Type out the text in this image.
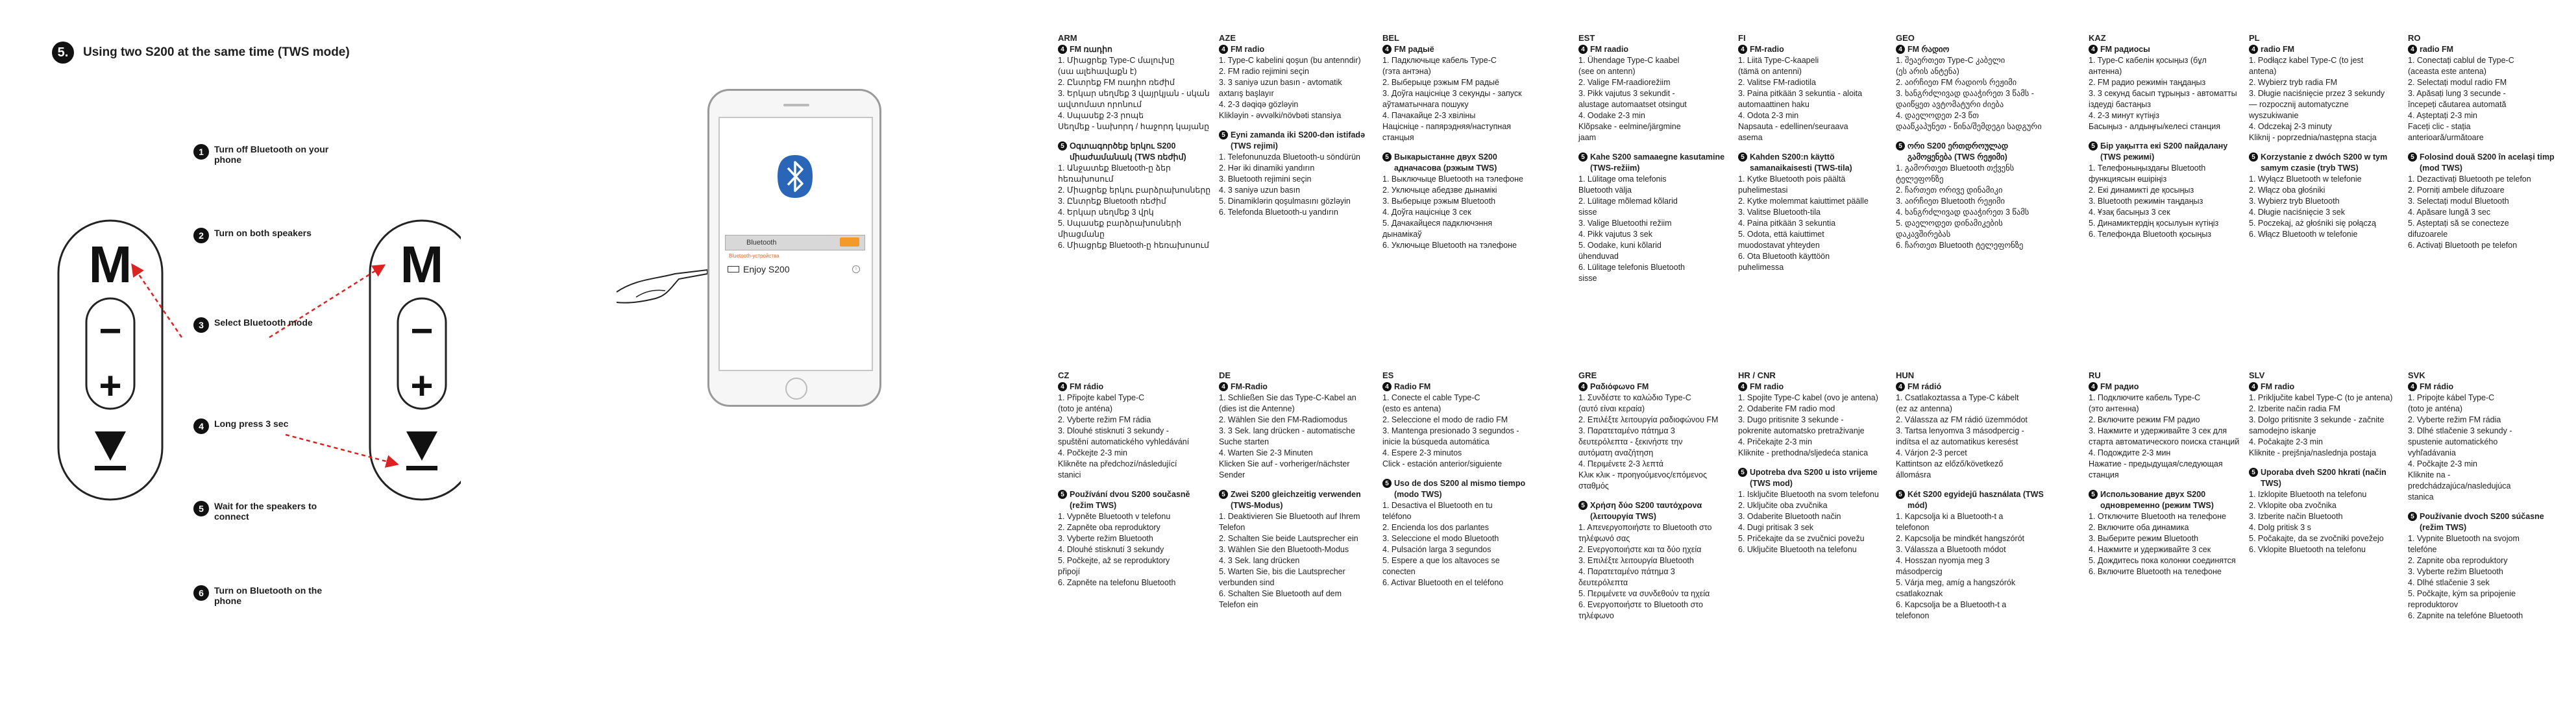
5.	Using two S200 at the same time (TWS mode)
M
−
+
M
−
+
1	Turn off Bluetooth on your phone
2	Turn on both speakers
3	Select Bluetooth mode
4	Long press 3 sec
5	Wait for the speakers to connect
6	Turn on Bluetooth on the phone
Bluetooth
Bluetooth-устройства
Enjoy S200	i
ARM
4 FM ռադիո
1. Միացրեք Type-C մալուխը
(սա ալեհավաքն է)
2. Ընտրեք FM ռադիո ռեժիմ
3. Երկար սեղմեք 3 վայրկյան - սկան
ավտոմատ որոնում
4. Սպասեք 2-3 րոպե
Սեղմեք - նախորդ / հաջորդ կայանը
5 Օգտագործեք երկու S200 միաժամանակ (TWS ռեժիմ)
1. Անջատեք Bluetooth-ը ձեր
հեռախոսում
2. Միացրեք երկու բարձրախոսները
3. Ընտրեք Bluetooth ռեժիմ
4. Երկար սեղմեք 3 վրկ
5. Սպասեք բարձրախոսների միացմանը
6. Միացրեք Bluetooth-ը հեռախոսում
AZE
4 FM radio
1. Type-C kabelini qoşun (bu antenndir)
2. FM radio rejimini seçin
3. 3 saniyə uzun basın - avtomatik
axtarış başlayır
4. 2-3 dəqiqə gözləyin
Klikləyin - əvvəlki/növbəti stansiya
5 Eyni zamanda iki S200-dən istifadə (TWS rejimi)
1. Telefonunuzda Bluetooth-u söndürün
2. Hər iki dinamiki yandırın
3. Bluetooth rejimini seçin
4. 3 saniyə uzun basın
5. Dinamiklərin qoşulmasını gözləyin
6. Telefonda Bluetooth-u yandırın
BEL
4 FM радыё
1. Падключыце кабель Type-C
(гэта антэна)
2. Выберыце рэжым FM радыё
3. Доўга націсніце 3 секунды - запуск
аўтаматычнага пошуку
4. Пачакайце 2-3 хвіліны
Націсніце - папярэдняя/наступная
станцыя
5 Выкарыстанне двух S200 адначасова (рэжым TWS)
1. Выключыце Bluetooth на тэлефоне
2. Уключыце абедзве дынамікі
3. Выберыце рэжым Bluetooth
4. Доўга націсніце 3 сек
5. Дачакайцеся падключэння
дынамікаў
6. Уключыце Bluetooth на тэлефоне
EST
4 FM raadio
1. Ühendage Type-C kaabel
(see on antenn)
2. Valige FM-raadiorežiim
3. Pikk vajutus 3 sekundit -
alustage automaatset otsingut
4. Oodake 2-3 min
Klõpsake - eelmine/järgmine
jaam
5 Kahe S200 samaaegne kasutamine (TWS-režiim)
1. Lülitage oma telefonis
Bluetooth välja
2. Lülitage mõlemad kõlarid
sisse
3. Valige Bluetoothi režiim
4. Pikk vajutus 3 sek
5. Oodake, kuni kõlarid
ühenduvad
6. Lülitage telefonis Bluetooth
sisse
FI
4 FM-radio
1. Liitä Type-C-kaapeli
(tämä on antenni)
2. Valitse FM-radiotila
3. Paina pitkään 3 sekuntia - aloita
automaattinen haku
4. Odota 2-3 min
Napsauta - edellinen/seuraava
asema
5 Kahden S200:n käyttö samanaikaisesti (TWS-tila)
1. Kytke Bluetooth pois päältä
puhelimestasi
2. Kytke molemmat kaiuttimet päälle
3. Valitse Bluetooth-tila
4. Paina pitkään 3 sekuntia
5. Odota, että kaiuttimet
muodostavat yhteyden
6. Ota Bluetooth käyttöön
puhelimessa
GEO
4 FM რადიო
1. შეაერთეთ Type-C კაბელი
(ეს არის ანტენა)
2. აირჩიეთ FM რადიოს რეჟიმი
3. ხანგრძლივად დააჭირეთ 3 წამს -
დაიწყეთ ავტომატური ძიება
4. დაელოდეთ 2-3 წთ
დააწკაპუნეთ - წინა/შემდეგი სადგური
5 ორი S200 ერთდროულად გამოყენება (TWS რეჟიმი)
1. გამორთეთ Bluetooth თქვენს
ტელეფონზე
2. ჩართეთ ორივე დინამიკი
3. აირჩიეთ Bluetooth რეჟიმი
4. ხანგრძლივად დააჭირეთ 3 წამს
5. დაელოდეთ დინამიკების
დაკავშირებას
6. ჩართეთ Bluetooth ტელეფონზე
KAZ
4 FM радиосы
1. Type-C кабелін қосыңыз (бұл
антенна)
2. FM радио режимін таңдаңыз
3. 3 секунд басып тұрыңыз - автоматты
іздеуді бастаңыз
4. 2-3 минут күтіңіз
Басыңыз - алдыңғы/келесі станция
5 Бір уақытта екі S200 пайдалану (TWS режимі)
1. Телефоныңыздағы Bluetooth
функциясын өшіріңіз
2. Екі динамикті де қосыңыз
3. Bluetooth режимін таңдаңыз
4. Ұзақ басыңыз 3 сек
5. Динамиктердің қосылуын күтіңіз
6. Телефонда Bluetooth қосыңыз
PL
4 radio FM
1. Podłącz kabel Type-C (to jest
antena)
2. Wybierz tryb radia FM
3. Długie naciśnięcie przez 3 sekundy
— rozpocznij automatyczne
wyszukiwanie
4. Odczekaj 2-3 minuty
Kliknij - poprzednia/następna stacja
5 Korzystanie z dwóch S200 w tym samym czasie (tryb TWS)
1. Wyłącz Bluetooth w telefonie
2. Włącz oba głośniki
3. Wybierz tryb Bluetooth
4. Długie naciśnięcie 3 sek
5. Poczekaj, aż głośniki się połączą
6. Włącz Bluetooth w telefonie
RO
4 radio FM
1. Conectați cablul de Type-C
(aceasta este antena)
2. Selectați modul radio FM
3. Apăsați lung 3 secunde -
începeți căutarea automată
4. Așteptați 2-3 min
Faceți clic - stația
anterioară/următoare
5 Folosind două S200 în același timp (mod TWS)
1. Dezactivați Bluetooth pe telefon
2. Porniți ambele difuzoare
3. Selectați modul Bluetooth
4. Apăsare lungă 3 sec
5. Așteptați să se conecteze
difuzoarele
6. Activați Bluetooth pe telefon
CZ
4 FM rádio
1. Připojte kabel Type-C
(toto je anténa)
2. Vyberte režim FM rádia
3. Dlouhé stisknutí 3 sekundy -
spuštění automatického vyhledávání
4. Počkejte 2-3 min
Klikněte na předchozí/následující
stanici
5 Používání dvou S200 současně (režim TWS)
1. Vypněte Bluetooth v telefonu
2. Zapněte oba reproduktory
3. Vyberte režim Bluetooth
4. Dlouhé stisknutí 3 sekundy
5. Počkejte, až se reproduktory
připojí
6. Zapněte na telefonu Bluetooth
DE
4 FM-Radio
1. Schließen Sie das Type-C-Kabel an
(dies ist die Antenne)
2. Wählen Sie den FM-Radiomodus
3. 3 Sek. lang drücken - automatische
Suche starten
4. Warten Sie 2-3 Minuten
Klicken Sie auf - vorheriger/nächster
Sender
5 Zwei S200 gleichzeitig verwenden (TWS-Modus)
1. Deaktivieren Sie Bluetooth auf Ihrem
Telefon
2. Schalten Sie beide Lautsprecher ein
3. Wählen Sie den Bluetooth-Modus
4. 3 Sek. lang drücken
5. Warten Sie, bis die Lautsprecher
verbunden sind
6. Schalten Sie Bluetooth auf dem
Telefon ein
ES
4 Radio FM
1. Conecte el cable Type-C
(esto es antena)
2. Seleccione el modo de radio FM
3. Mantenga presionado 3 segundos -
inicie la búsqueda automática
4. Espere 2-3 minutos
Click - estación anterior/siguiente
5 Uso de dos S200 al mismo tiempo (modo TWS)
1. Desactiva el Bluetooth en tu
teléfono
2. Encienda los dos parlantes
3. Seleccione el modo Bluetooth
4. Pulsación larga 3 segundos
5. Espere a que los altavoces se
conecten
6. Activar Bluetooth en el teléfono
GRE
4 Ραδιόφωνο FM
1. Συνδέστε το καλώδιο Type-C
(αυτό είναι κεραία)
2. Επιλέξτε λειτουργία ραδιοφώνου FM
3. Παρατεταμένο πάτημα 3
δευτερόλεπτα - ξεκινήστε την
αυτόματη αναζήτηση
4. Περιμένετε 2-3 λεπτά
Κλικ κλικ - προηγούμενος/επόμενος
σταθμός
5 Χρήση δύο S200 ταυτόχρονα (λειτουργία TWS)
1. Απενεργοποιήστε το Bluetooth στο
τηλέφωνό σας
2. Ενεργοποιήστε και τα δύο ηχεία
3. Επιλέξτε λειτουργία Bluetooth
4. Παρατεταμένο πάτημα 3
δευτερόλεπτα
5. Περιμένετε να συνδεθούν τα ηχεία
6. Ενεργοποιήστε το Bluetooth στο
τηλέφωνο
HR / CNR
4 FM radio
1. Spojite Type-C kabel (ovo je antena)
2. Odaberite FM radio mod
3. Dugo pritisnite 3 sekunde -
pokrenite automatsko pretraživanje
4. Pričekajte 2-3 min
Kliknite - prethodna/sljedeća stanica
5 Upotreba dva S200 u isto vrijeme (TWS mod)
1. Isključite Bluetooth na svom telefonu
2. Uključite oba zvučnika
3. Odaberite Bluetooth način
4. Dugi pritisak 3 sek
5. Pričekajte da se zvučnici povežu
6. Uključite Bluetooth na telefonu
HUN
4 FM rádió
1. Csatlakoztassa a Type-C kábelt
(ez az antenna)
2. Válassza az FM rádió üzemmódot
3. Tartsa lenyomva 3 másodpercig -
indítsa el az automatikus keresést
4. Várjon 2-3 percet
Kattintson az előző/következő
állomásra
5 Két S200 egyidejű használata (TWS mód)
1. Kapcsolja ki a Bluetooth-t a
telefonon
2. Kapcsolja be mindkét hangszórót
3. Válassza a Bluetooth módot
4. Hosszan nyomja meg 3
másodpercig
5. Várja meg, amíg a hangszórók
csatlakoznak
6. Kapcsolja be a Bluetooth-t a
telefonon
RU
4 FM радио
1. Подключите кабель Type-C
(это антенна)
2. Включите режим FM радио
3. Нажмите и удерживайте 3 сек для
старта автоматического поиска станций
4. Подождите 2-3 мин
Нажатие - предыдущая/следующая
станция
5 Использование двух S200 одновременно (режим TWS)
1. Отключите Bluetooth на телефоне
2. Включите оба динамика
3. Выберите режим Bluetooth
4. Нажмите и удерживайте 3 сек
5. Дождитесь пока колонки соединятся
6. Включите Bluetooth на телефоне
SLV
4 FM radio
1. Priključite kabel Type-C (to je antena)
2. Izberite način radia FM
3. Dolgo pritisnite 3 sekunde - začnite
samodejno iskanje
4. Počakajte 2-3 min
Kliknite - prejšnja/naslednja postaja
5 Uporaba dveh S200 hkrati (način TWS)
1. Izklopite Bluetooth na telefonu
2. Vklopite oba zvočnika
3. Izberite način Bluetooth
4. Dolg pritisk 3 s
5. Počakajte, da se zvočniki povežejo
6. Vklopite Bluetooth na telefonu
SVK
4 FM rádio
1. Pripojte kábel Type-C
(toto je anténa)
2. Vyberte režim FM rádia
3. Dlhé stlačenie 3 sekundy -
spustenie automatického
vyhľadávania
4. Počkajte 2-3 min
Kliknite na -
predchádzajúca/nasledujúca
stanica
5 Používanie dvoch S200 súčasne (režim TWS)
1. Vypnite Bluetooth na svojom
telefóne
2. Zapnite oba reproduktory
3. Vyberte režim Bluetooth
4. Dlhé stlačenie 3 sek
5. Počkajte, kým sa pripojenie
reproduktorov
6. Zapnite na telefóne Bluetooth
